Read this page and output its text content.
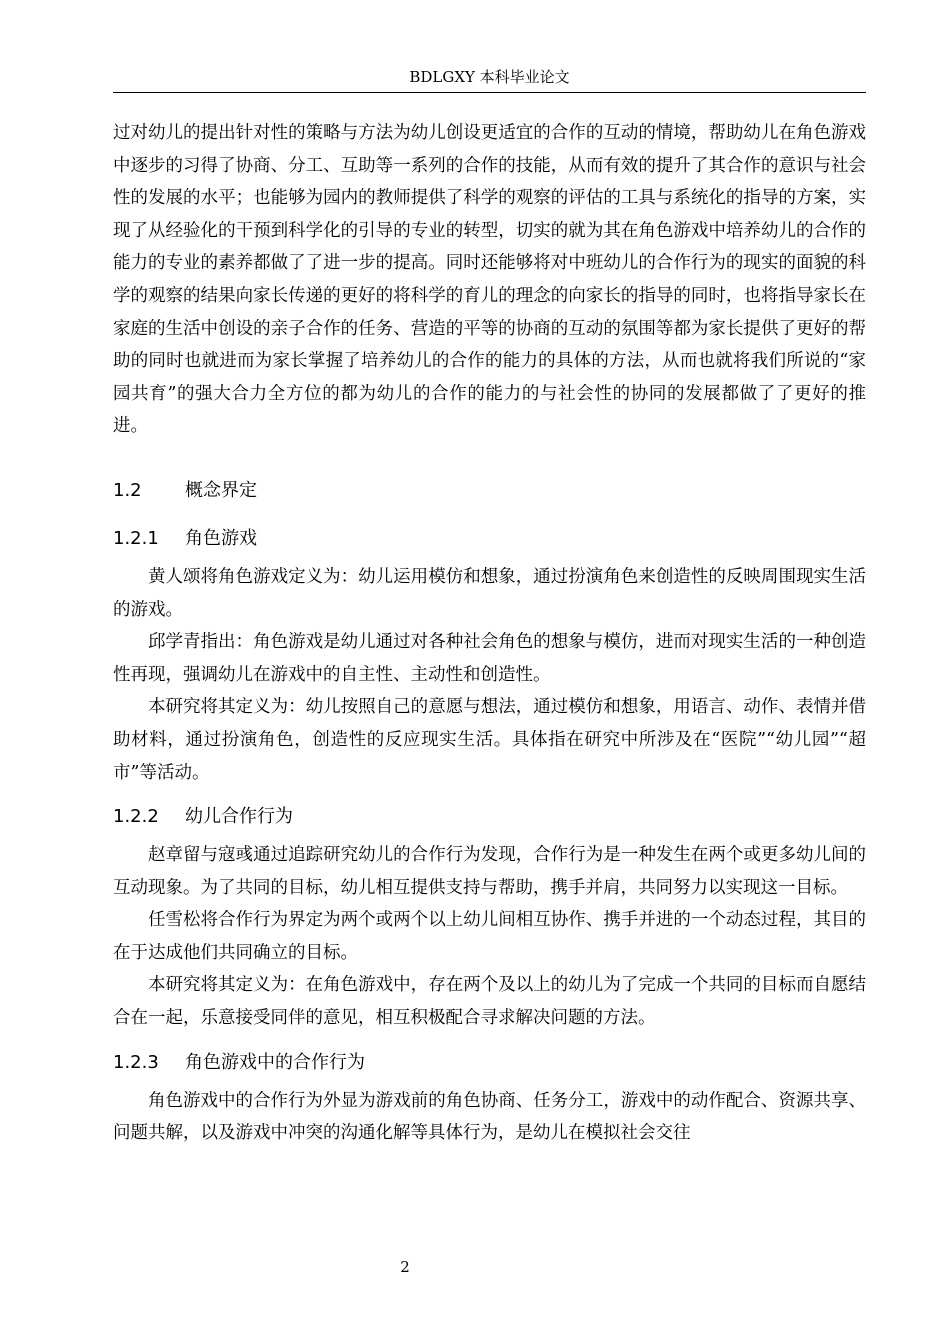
BDLGXY 本科毕业论文

过对幼儿的提出针对性的策略与方法为幼儿创设更适宜的合作的互动的情境，帮助幼儿在角色游戏中逐步的习得了协商、分工、互助等一系列的合作的技能，从而有效的提升了其合作的意识与社会性的发展的水平；也能够为园内的教师提供了科学的观察的评估的工具与系统化的指导的方案，实现了从经验化的干预到科学化的引导的专业的转型，切实的就为其在角色游戏中培养幼儿的合作的能力的专业的素养都做了了进一步的提高。同时还能够将对中班幼儿的合作行为的现实的面貌的科学的观察的结果向家长传递的更好的将科学的育儿的理念的向家长的指导的同时，也将指导家长在家庭的生活中创设的亲子合作的任务、营造的平等的协商的互动的氛围等都为家长提供了更好的帮助的同时也就进而为家长掌握了培养幼儿的合作的能力的具体的方法，从而也就将我们所说的“家园共育”的强大合力全方位的都为幼儿的合作的能力的与社会性的协同的发展都做了了更好的推进。

1.2 概念界定
1.2.1 角色游戏

黄人颂将角色游戏定义为：幼儿运用模仿和想象，通过扮演角色来创造性的反映周围现实生活的游戏。

邱学青指出：角色游戏是幼儿通过对各种社会角色的想象与模仿，进而对现实生活的一种创造性再现，强调幼儿在游戏中的自主性、主动性和创造性。

本研究将其定义为：幼儿按照自己的意愿与想法，通过模仿和想象，用语言、动作、表情并借助材料，通过扮演角色，创造性的反应现实生活。具体指在研究中所涉及在“医院”“幼儿园”“超市”等活动。

1.2.2 幼儿合作行为

赵章留与寇彧通过追踪研究幼儿的合作行为发现，合作行为是一种发生在两个或更多幼儿间的互动现象。为了共同的目标，幼儿相互提供支持与帮助，携手并肩，共同努力以实现这一目标。

任雪松将合作行为界定为两个或两个以上幼儿间相互协作、携手并进的一个动态过程，其目的在于达成他们共同确立的目标。

本研究将其定义为：在角色游戏中，存在两个及以上的幼儿为了完成一个共同的目标而自愿结合在一起，乐意接受同伴的意见，相互积极配合寻求解决问题的方法。

1.2.3 角色游戏中的合作行为

角色游戏中的合作行为外显为游戏前的角色协商、任务分工，游戏中的动作配合、资源共享、问题共解，以及游戏中冲突的沟通化解等具体行为，是幼儿在模拟社会交往

2
